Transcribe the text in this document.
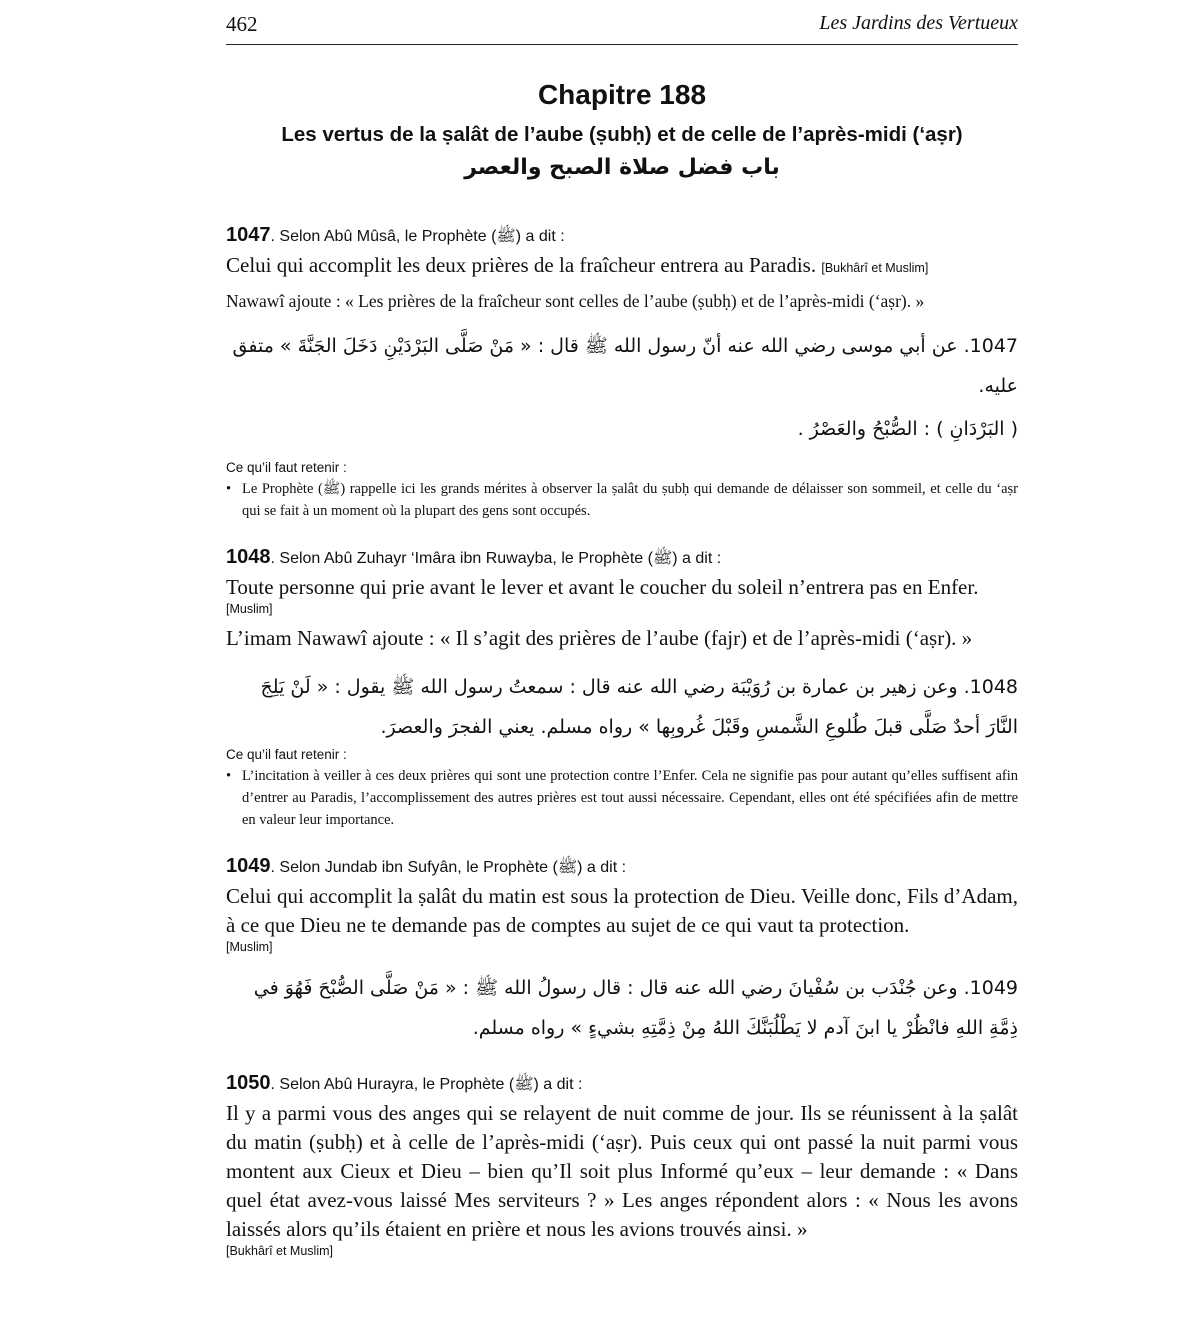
462	Les Jardins des Vertueux
Chapitre 188
Les vertus de la ṣalât de l’aube (ṣubḥ) et de celle de l’après-midi (‘aṣr)
باب فضل صلاة الصبح والعصر
1047. Selon Abû Mûsâ, le Prophète (ﷺ) a dit :
Celui qui accomplit les deux prières de la fraîcheur entrera au Paradis. [Bukhârî et Muslim]
Nawawî ajoute : « Les prières de la fraîcheur sont celles de l’aube (ṣubḥ) et de l’après-midi (‘aṣr). »
1047. عن أبي موسى رضي الله عنه أنّ رسول الله ﷺ قال : « مَنْ صَلَّى البَرْدَيْنِ دَخَلَ الجَنَّةَ » متفق عليه.
( البَرْدَانِ ) : الصُّبْحُ والعَصْرُ .
Ce qu’il faut retenir :
• Le Prophète (ﷺ) rappelle ici les grands mérites à observer la ṣalât du ṣubḥ qui demande de délaisser son sommeil, et celle du ‘aṣr qui se fait à un moment où la plupart des gens sont occupés.
1048. Selon Abû Zuhayr ‘Imâra ibn Ruwayba, le Prophète (ﷺ) a dit :
Toute personne qui prie avant le lever et avant le coucher du soleil n’entrera pas en Enfer.
[Muslim]
L’imam Nawawî ajoute : « Il s’agit des prières de l’aube (fajr) et de l’après-midi (‘aṣr). »
1048. وعن زهير بن عمارة بن رُوَيْبَة رضي الله عنه قال : سمعتُ رسول الله ﷺ يقول : « لَنْ يَلِجَ النَّارَ أحدٌ صَلَّى قبلَ طُلوعِ الشَّمسِ وقَبْلَ غُروبِها » رواه مسلم. يعني الفجرَ والعصرَ.
Ce qu’il faut retenir :
• L’incitation à veiller à ces deux prières qui sont une protection contre l’Enfer. Cela ne signifie pas pour autant qu’elles suffisent afin d’entrer au Paradis, l’accomplissement des autres prières est tout aussi nécessaire. Cependant, elles ont été spécifiées afin de mettre en valeur leur importance.
1049. Selon Jundab ibn Sufyân, le Prophète (ﷺ) a dit :
Celui qui accomplit la ṣalât du matin est sous la protection de Dieu. Veille donc, Fils d’Adam, à ce que Dieu ne te demande pas de comptes au sujet de ce qui vaut ta protection.
[Muslim]
1049. وعن جُنْدَب بن سُفْيانَ رضي الله عنه قال : قال رسولُ الله ﷺ : « مَنْ صَلَّى الصُّبْحَ فَهُوَ في ذِمَّةِ اللهِ فانْظُرْ يا ابنَ آدم لا يَطْلُبَنَّكَ اللهُ مِنْ ذِمَّتِهِ بشيءٍ » رواه مسلم.
1050. Selon Abû Hurayra, le Prophète (ﷺ) a dit :
Il y a parmi vous des anges qui se relayent de nuit comme de jour. Ils se réunissent à la ṣalât du matin (ṣubḥ) et à celle de l’après-midi (‘aṣr). Puis ceux qui ont passé la nuit parmi vous montent aux Cieux et Dieu – bien qu’Il soit plus Informé qu’eux – leur demande : « Dans quel état avez-vous laissé Mes serviteurs ? » Les anges répondent alors : « Nous les avons laissés alors qu’ils étaient en prière et nous les avions trouvés ainsi. »
[Bukhârî et Muslim]
